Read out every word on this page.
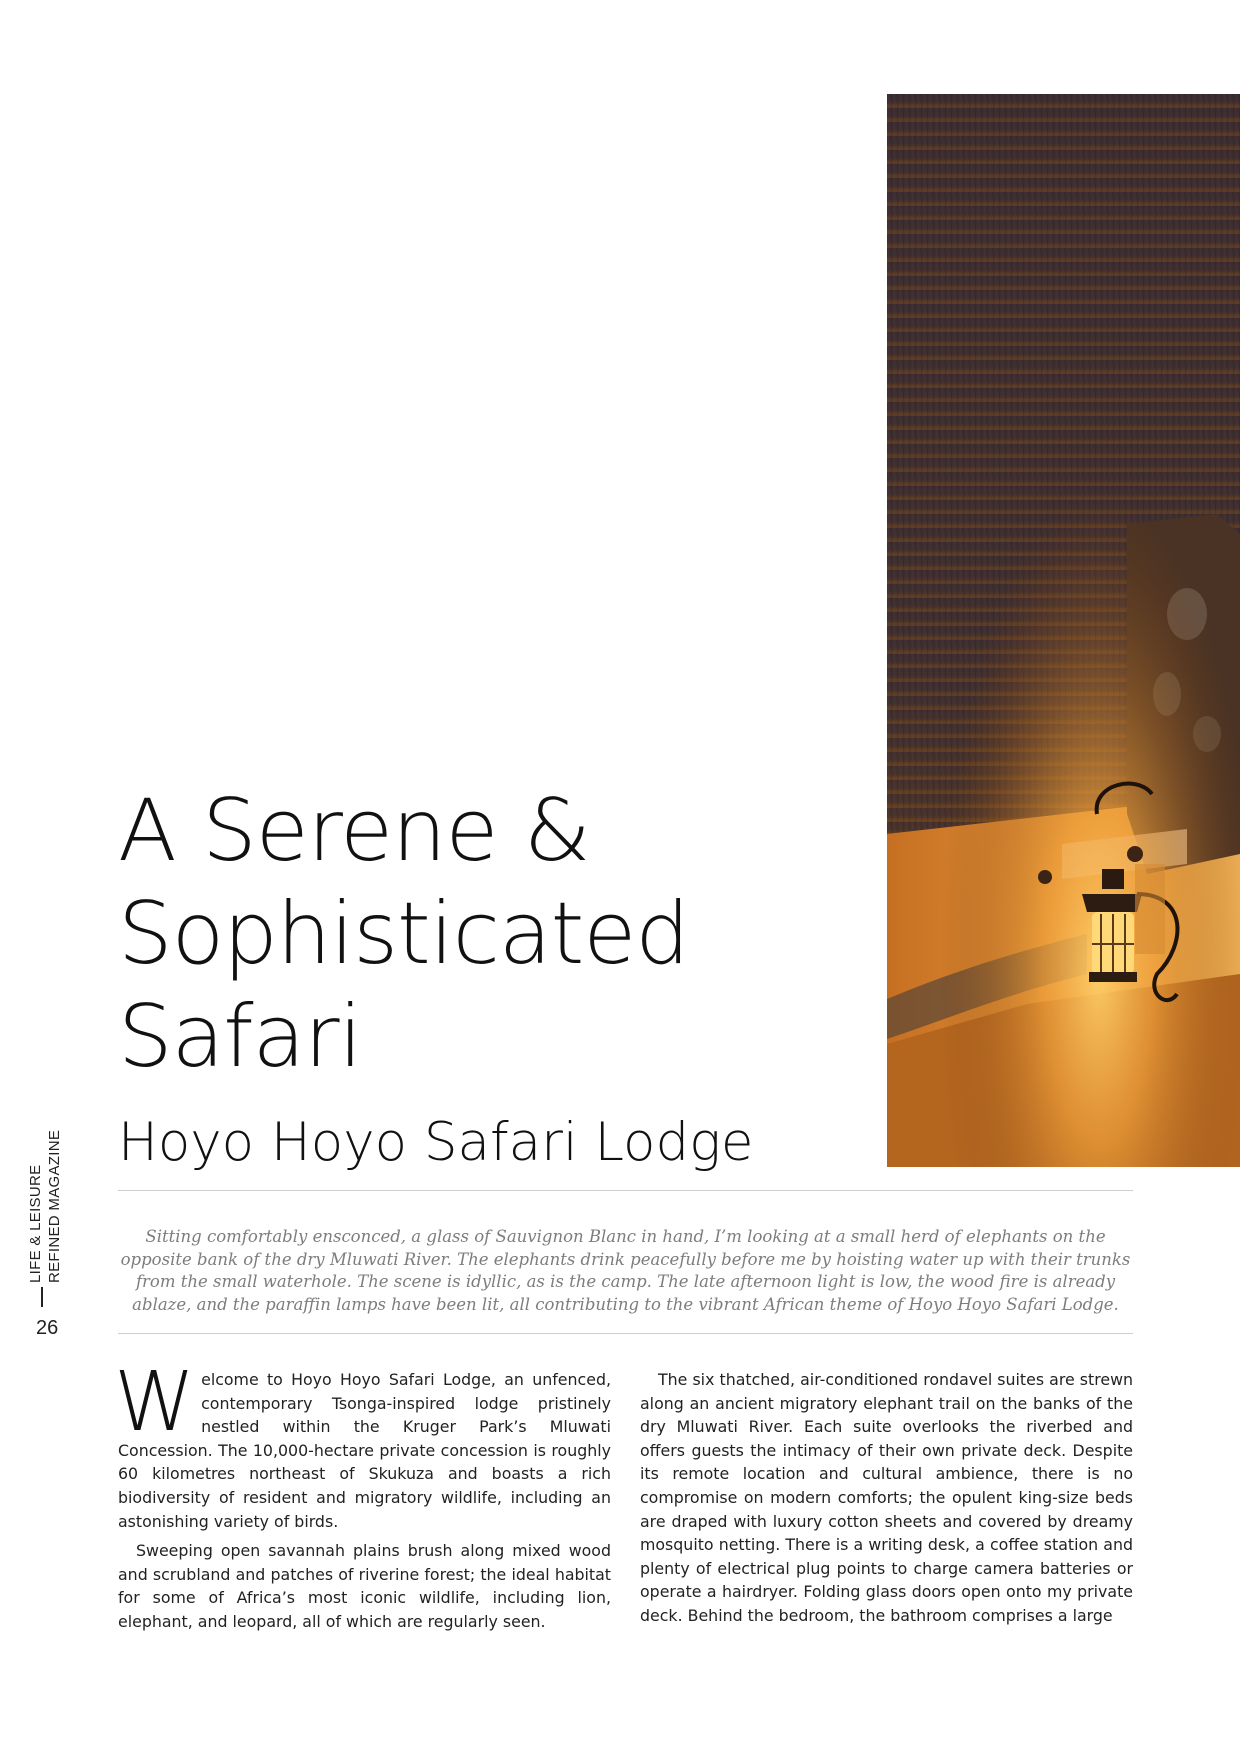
A Serene &
Sophisticated
Safari
Hoyo Hoyo Safari Lodge

Sitting comfortably ensconced, a glass of Sauvignon Blanc in hand, I’m looking at a small herd of elephants on the opposite bank of the dry Mluwati River. The elephants drink peacefully before me by hoisting water up with their trunks from the small waterhole. The scene is idyllic, as is the camp. The late afternoon light is low, the wood fire is already ablaze, and the paraffin lamps have been lit, all contributing to the vibrant African theme of Hoyo Hoyo Safari Lodge.

LIFE & LEISURE REFINED MAGAZINE
26

Welcome to Hoyo Hoyo Safari Lodge, an unfenced, contemporary Tsonga-inspired lodge pristinely nestled within the Kruger Park’s Mluwati Concession. The 10,000-hectare private concession is roughly 60 kilometres northeast of Skukuza and boasts a rich biodiversity of resident and migratory wildlife, including an astonishing variety of birds.

Sweeping open savannah plains brush along mixed wood and scrubland and patches of riverine forest; the ideal habitat for some of Africa’s most iconic wildlife, including lion, elephant, and leopard, all of which are regularly seen.

The six thatched, air-conditioned rondavel suites are strewn along an ancient migratory elephant trail on the banks of the dry Mluwati River. Each suite overlooks the riverbed and offers guests the intimacy of their own private deck. Despite its remote location and cultural ambience, there is no compromise on modern comforts; the opulent king-size beds are draped with luxury cotton sheets and covered by dreamy mosquito netting. There is a writing desk, a coffee station and plenty of electrical plug points to charge camera batteries or operate a hairdryer. Folding glass doors open onto my private deck. Behind the bedroom, the bathroom comprises a large
